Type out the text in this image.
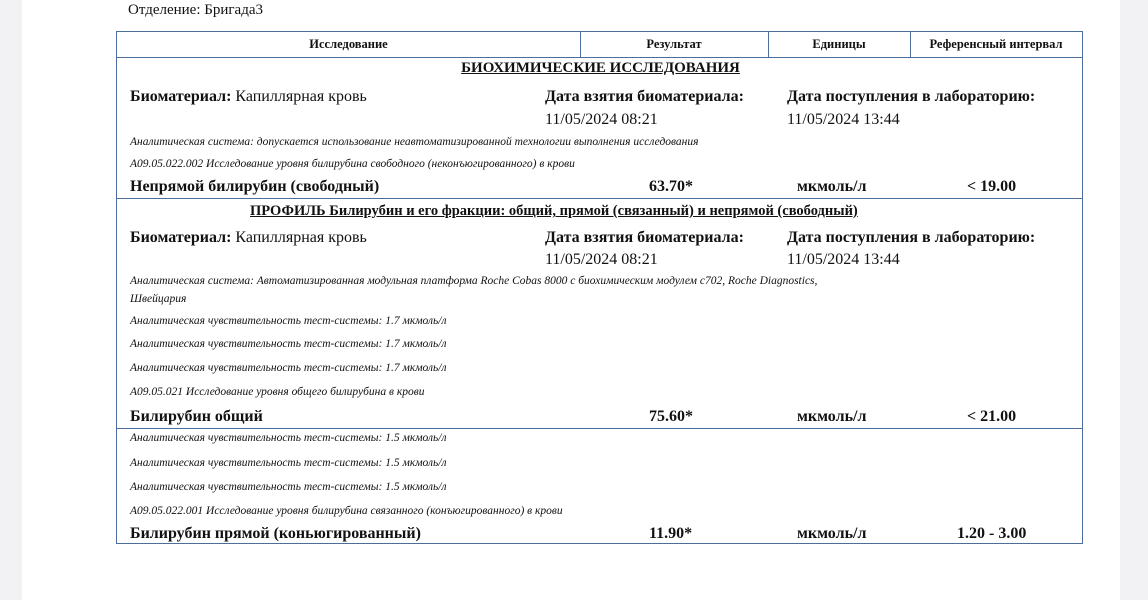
Отделение: Бригада3
Исследование	Результат	Единицы	Референсный интервал
БИОХИМИЧЕСКИЕ ИССЛЕДОВАНИЯ
Биоматериал: Капиллярная кровь	Дата взятия биоматериала:
11/05/2024 08:21
Дата поступления в лабораторию:
11/05/2024 13:44
Аналитическая система: допускается использование неавтоматизированной технологии выполнения исследования
A09.05.022.002 Исследование уровня билирубина свободного (неконъюгированного) в крови
Непрямой билирубин (свободный)	63.70*	мкмоль/л	< 19.00
ПРОФИЛЬ Билирубин и его фракции: общий, прямой (связанный) и непрямой (свободный)
Биоматериал: Капиллярная кровь	Дата взятия биоматериала:
11/05/2024 08:21
Дата поступления в лабораторию:
11/05/2024 13:44
Аналитическая система: Автоматизированная модульная платформа Roche Cobas 8000 с биохимическим модулем с702, Roche Diagnostics,
Швейцария
Аналитическая чувствительность тест-системы: 1.7 мкмоль/л
Аналитическая чувствительность тест-системы: 1.7 мкмоль/л
Аналитическая чувствительность тест-системы: 1.7 мкмоль/л
A09.05.021 Исследование уровня общего билирубина в крови
Билирубин общий	75.60*	мкмоль/л	< 21.00
Аналитическая чувствительность тест-системы: 1.5 мкмоль/л
Аналитическая чувствительность тест-системы: 1.5 мкмоль/л
Аналитическая чувствительность тест-системы: 1.5 мкмоль/л
A09.05.022.001 Исследование уровня билирубина связанного (конъюгированного) в крови
Билирубин прямой (коньюгированный)	11.90*	мкмоль/л	1.20 - 3.00
